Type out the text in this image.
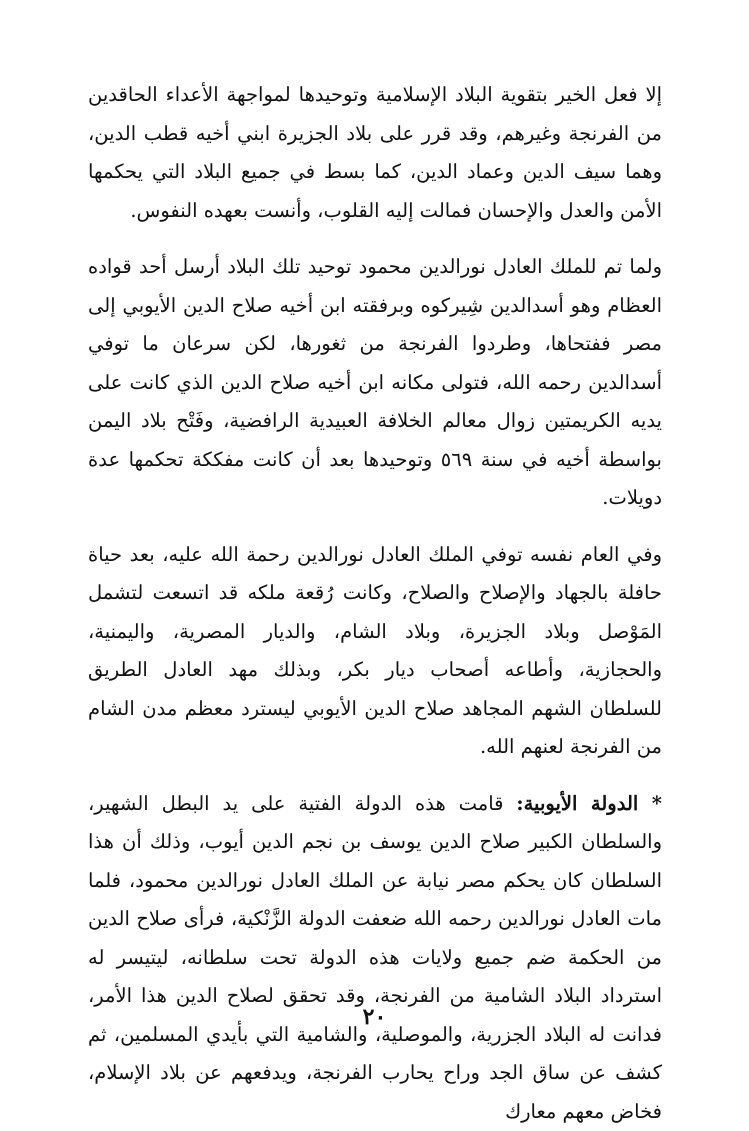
إلا فعل الخير بتقوية البلاد الإسلامية وتوحيدها لمواجهة الأعداء الحاقدين من الفرنجة وغيرهم، وقد قرر على بلاد الجزيرة ابني أخيه قطب الدين، وهما سيف الدين وعماد الدين، كما بسط في جميع البلاد التي يحكمها الأمن والعدل والإحسان فمالت إليه القلوب، وأنست بعهده النفوس.

ولما تم للملك العادل نورالدين محمود توحيد تلك البلاد أرسل أحد قواده العظام وهو أسدالدين شِيركوه وبرفقته ابن أخيه صلاح الدين الأيوبي إلى مصر ففتحاها، وطردوا الفرنجة من ثغورها، لكن سرعان ما توفي أسدالدين رحمه الله، فتولى مكانه ابن أخيه صلاح الدين الذي كانت على يديه الكريمتين زوال معالم الخلافة العبيدية الرافضية، وفَتْح بلاد اليمن بواسطة أخيه في سنة ٥٦٩ وتوحيدها بعد أن كانت مفككة تحكمها عدة دويلات.

وفي العام نفسه توفي الملك العادل نورالدين رحمة الله عليه، بعد حياة حافلة بالجهاد والإصلاح والصلاح، وكانت رُقعة ملكه قد اتسعت لتشمل المَوْصل وبلاد الجزيرة، وبلاد الشام، والديار المصرية، واليمنية، والحجازية، وأطاعه أصحاب ديار بكر، وبذلك مهد العادل الطريق للسلطان الشهم المجاهد صلاح الدين الأيوبي ليسترد معظم مدن الشام من الفرنجة لعنهم الله.

* الدولة الأيوبية: قامت هذه الدولة الفتية على يد البطل الشهير، والسلطان الكبير صلاح الدين يوسف بن نجم الدين أيوب، وذلك أن هذا السلطان كان يحكم مصر نيابة عن الملك العادل نورالدين محمود، فلما مات العادل نورالدين رحمه الله ضعفت الدولة الزَّنْكية، فرأى صلاح الدين من الحكمة ضم جميع ولايات هذه الدولة تحت سلطانه، ليتيسر له استرداد البلاد الشامية من الفرنجة، وقد تحقق لصلاح الدين هذا الأمر، فدانت له البلاد الجزرية، والموصلية، والشامية التي بأيدي المسلمين، ثم كشف عن ساق الجد وراح يحارب الفرنجة، ويدفعهم عن بلاد الإسلام، فخاض معهم معارك

٢٠
